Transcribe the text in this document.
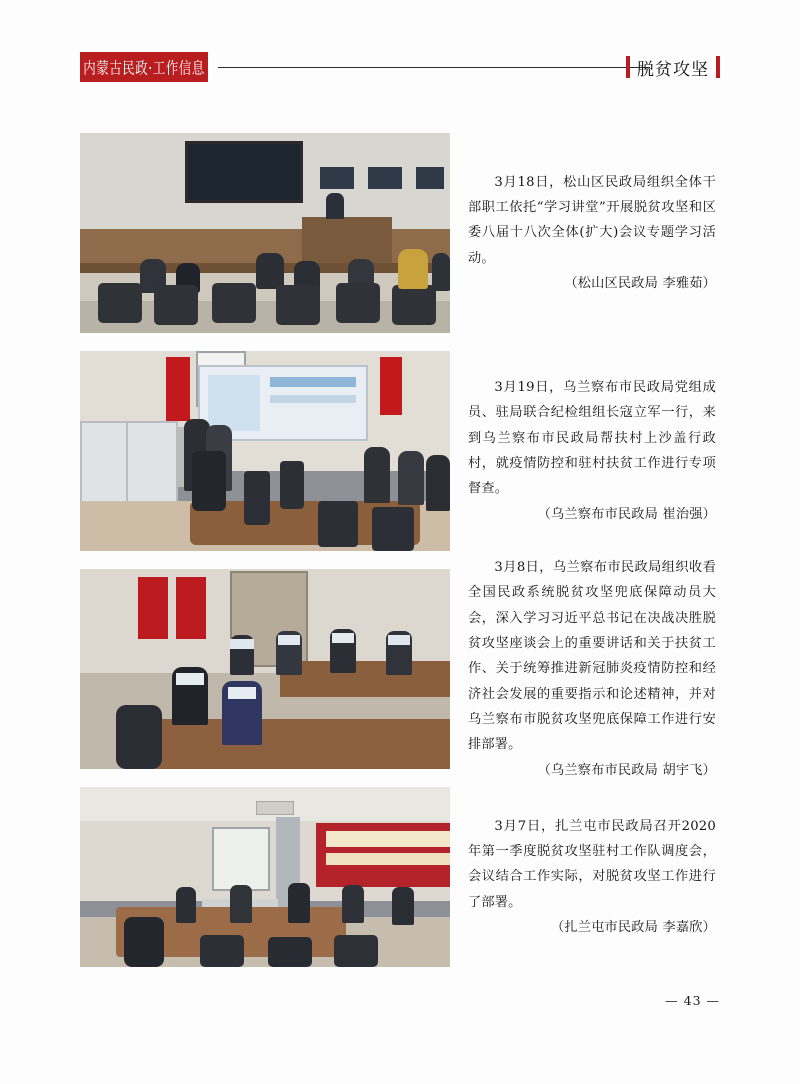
内蒙古民政·工作信息	脱贫攻坚

3月18日，松山区民政局组织全体干部职工依托“学习讲堂”开展脱贫攻坚和区委八届十八次全体(扩大)会议专题学习活动。

（松山区民政局 李雅茹）

3月19日，乌兰察布市民政局党组成员、驻局联合纪检组组长寇立军一行，来到乌兰察布市民政局帮扶村上沙盖行政村，就疫情防控和驻村扶贫工作进行专项督查。

（乌兰察布市民政局 崔治强）

3月8日，乌兰察布市民政局组织收看全国民政系统脱贫攻坚兜底保障动员大会，深入学习习近平总书记在决战决胜脱贫攻坚座谈会上的重要讲话和关于扶贫工作、关于统筹推进新冠肺炎疫情防控和经济社会发展的重要指示和论述精神，并对乌兰察布市脱贫攻坚兜底保障工作进行安排部署。

（乌兰察布市民政局 胡宇飞）

3月7日，扎兰屯市民政局召开2020年第一季度脱贫攻坚驻村工作队调度会，会议结合工作实际，对脱贫攻坚工作进行了部署。

（扎兰屯市民政局 李嘉欣）

— 43 —
